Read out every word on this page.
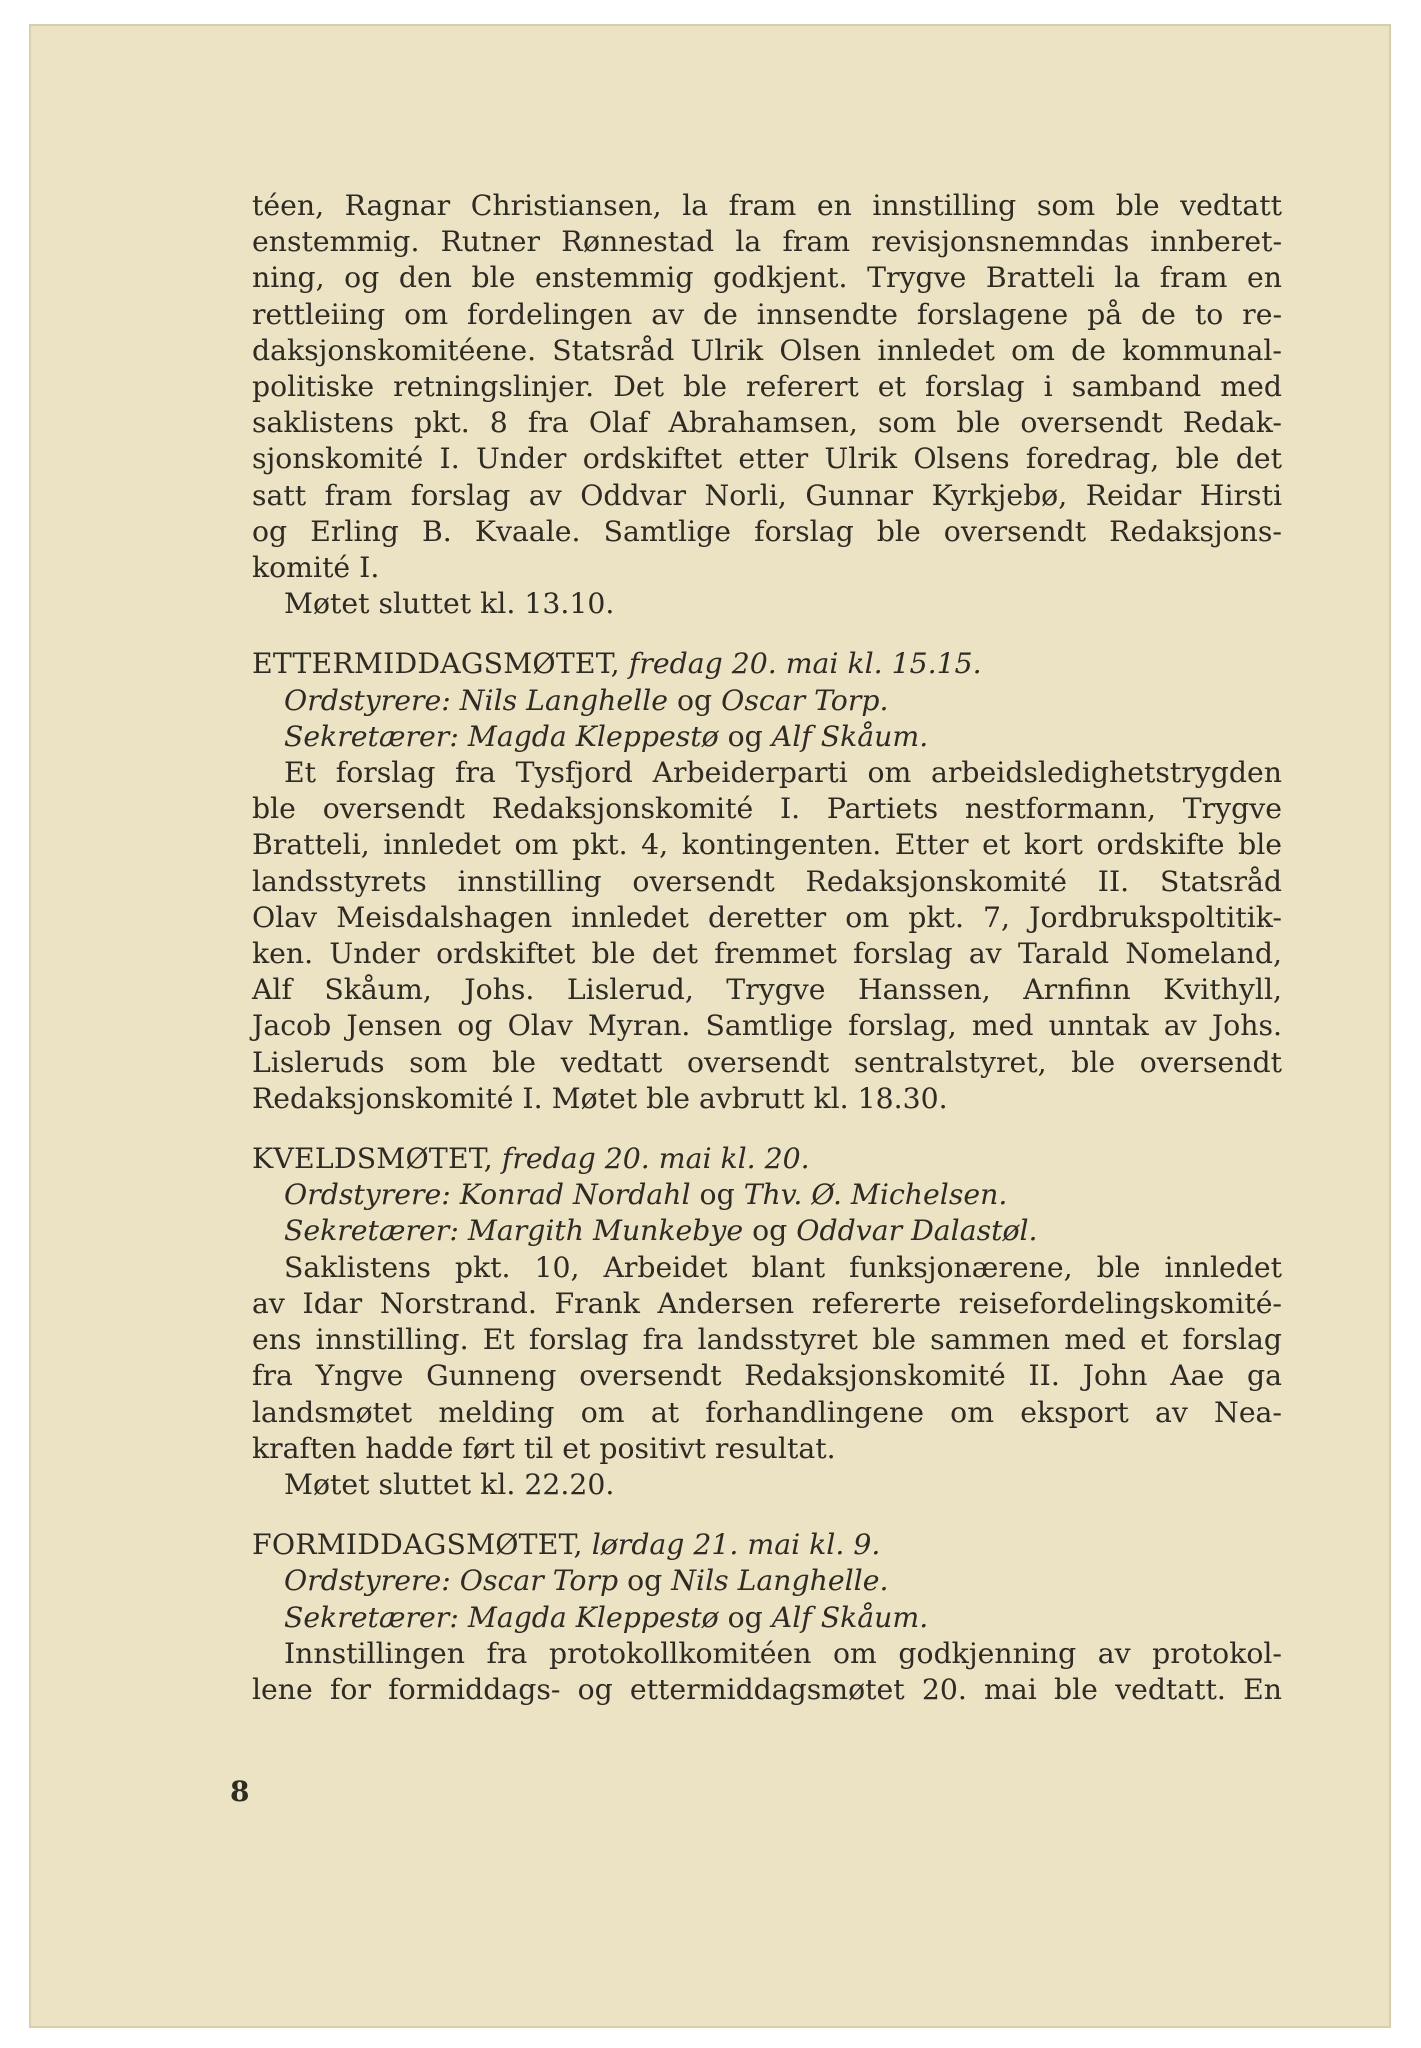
téen, Ragnar Christiansen, la fram en innstilling som ble vedtatt
enstemmig. Rutner Rønnestad la fram revisjonsnemndas innberet-
ning, og den ble enstemmig godkjent. Trygve Bratteli la fram en
rettleiing om fordelingen av de innsendte forslagene på de to re-
daksjonskomitéene. Statsråd Ulrik Olsen innledet om de kommunal-
politiske retningslinjer. Det ble referert et forslag i samband med
saklistens pkt. 8 fra Olaf Abrahamsen, som ble oversendt Redak-
sjonskomité I. Under ordskiftet etter Ulrik Olsens foredrag, ble det
satt fram forslag av Oddvar Norli, Gunnar Kyrkjebø, Reidar Hirsti
og Erling B. Kvaale. Samtlige forslag ble oversendt Redaksjons-
komité I.

Møtet sluttet kl. 13.10.

ETTERMIDDAGSMØTET, fredag 20. mai kl. 15.15.

Ordstyrere: Nils Langhelle og Oscar Torp.

Sekretærer: Magda Kleppestø og Alf Skåum.

Et forslag fra Tysfjord Arbeiderparti om arbeidsledighetstrygden
ble oversendt Redaksjonskomité I. Partiets nestformann, Trygve
Bratteli, innledet om pkt. 4, kontingenten. Etter et kort ordskifte ble
landsstyrets innstilling oversendt Redaksjonskomité II. Statsråd
Olav Meisdalshagen innledet deretter om pkt. 7, Jordbrukspoltitik-
ken. Under ordskiftet ble det fremmet forslag av Tarald Nomeland,
Alf Skåum, Johs. Lislerud, Trygve Hanssen, Arnfinn Kvithyll,
Jacob Jensen og Olav Myran. Samtlige forslag, med unntak av Johs.
Lisleruds som ble vedtatt oversendt sentralstyret, ble oversendt
Redaksjonskomité I. Møtet ble avbrutt kl. 18.30.

KVELDSMØTET, fredag 20. mai kl. 20.

Ordstyrere: Konrad Nordahl og Thv. Ø. Michelsen.

Sekretærer: Margith Munkebye og Oddvar Dalastøl.

Saklistens pkt. 10, Arbeidet blant funksjonærene, ble innledet
av Idar Norstrand. Frank Andersen refererte reisefordelingskomité-
ens innstilling. Et forslag fra landsstyret ble sammen med et forslag
fra Yngve Gunneng oversendt Redaksjonskomité II. John Aae ga
landsmøtet melding om at forhandlingene om eksport av Nea-
kraften hadde ført til et positivt resultat.

Møtet sluttet kl. 22.20.

FORMIDDAGSMØTET, lørdag 21. mai kl. 9.

Ordstyrere: Oscar Torp og Nils Langhelle.

Sekretærer: Magda Kleppestø og Alf Skåum.

Innstillingen fra protokollkomitéen om godkjenning av protokol-
lene for formiddags- og ettermiddagsmøtet 20. mai ble vedtatt. En

8
